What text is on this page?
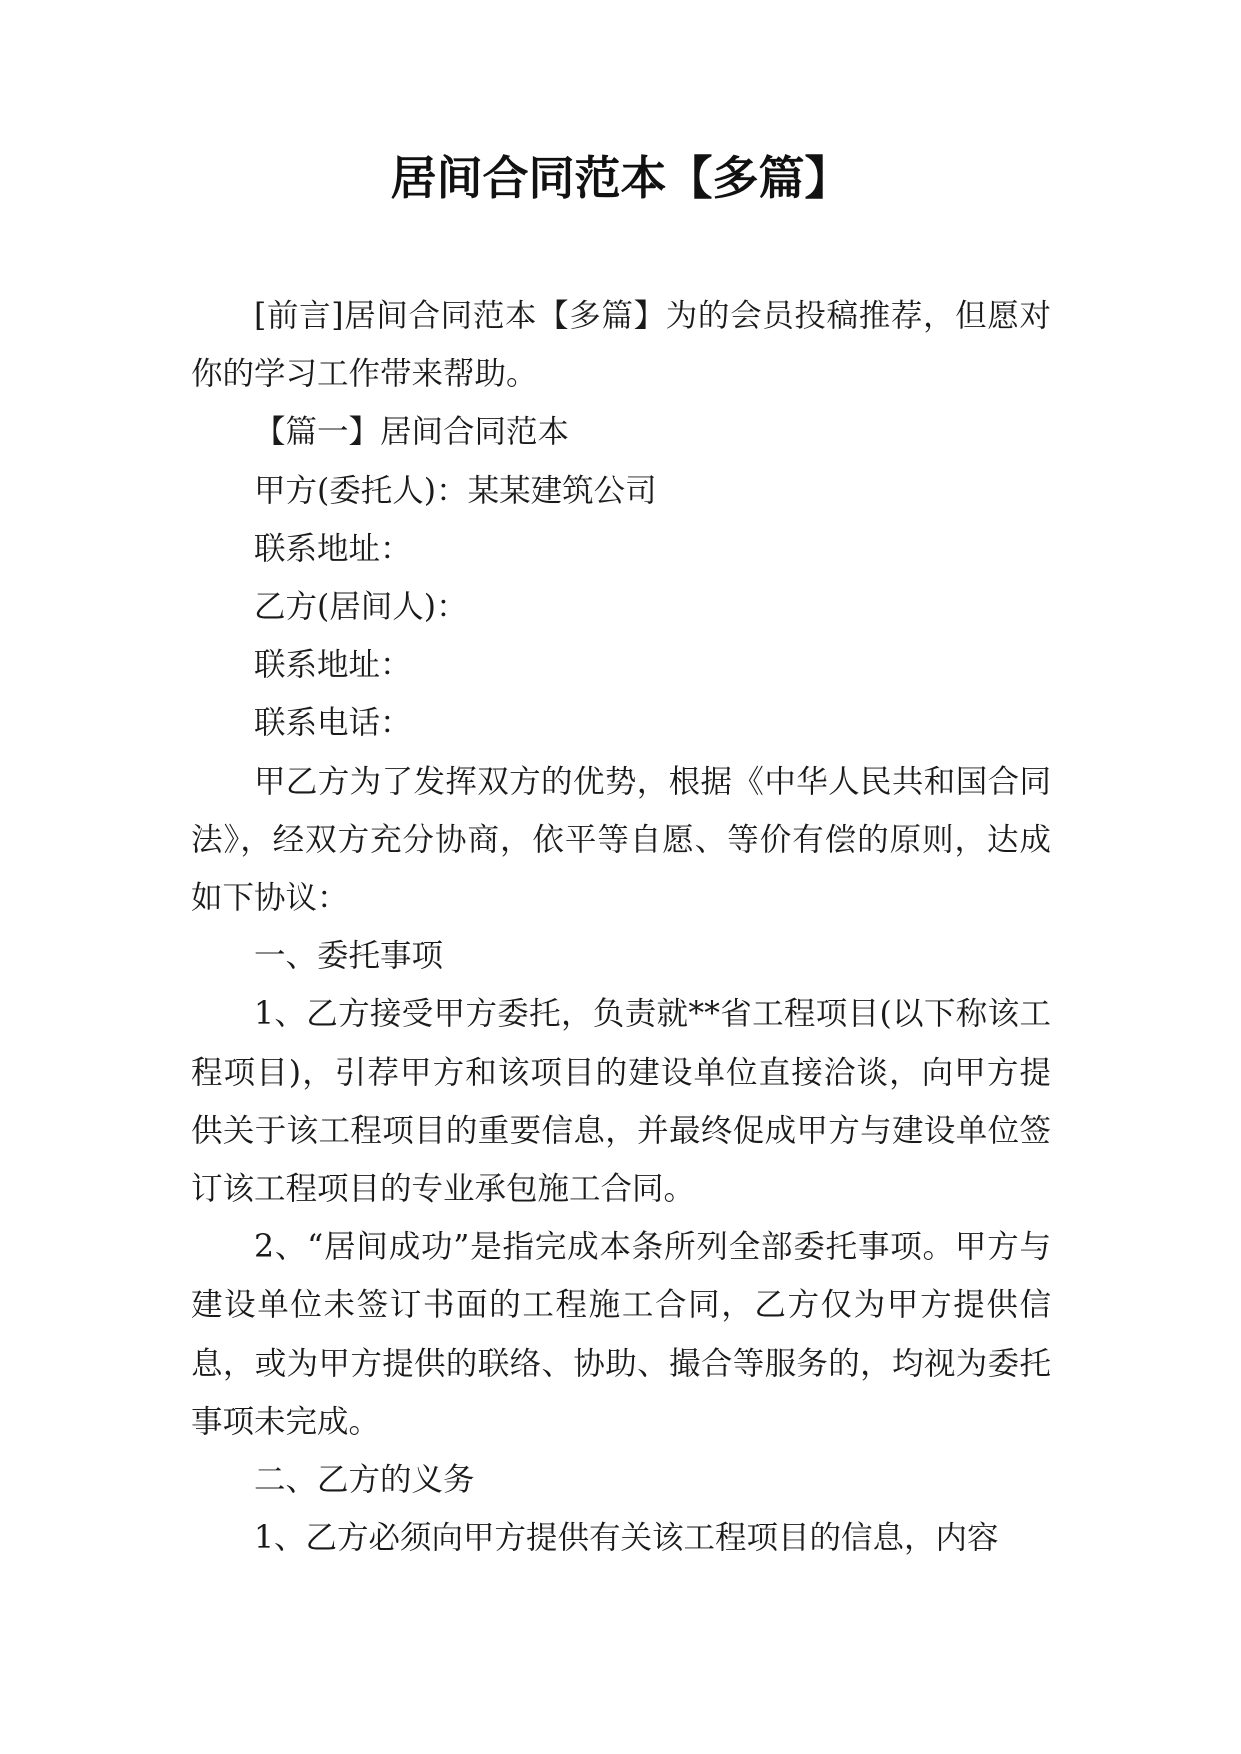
居间合同范本【多篇】

[前言]居间合同范本【多篇】为的会员投稿推荐，但愿对你的学习工作带来帮助。

【篇一】居间合同范本

甲方(委托人)：某某建筑公司

联系地址：

乙方(居间人)：

联系地址：

联系电话：

甲乙方为了发挥双方的优势，根据《中华人民共和国合同法》，经双方充分协商，依平等自愿、等价有偿的原则，达成如下协议：

一、委托事项

1、乙方接受甲方委托，负责就**省工程项目(以下称该工程项目)，引荐甲方和该项目的建设单位直接洽谈，向甲方提供关于该工程项目的重要信息，并最终促成甲方与建设单位签订该工程项目的专业承包施工合同。

2、“居间成功”是指完成本条所列全部委托事项。甲方与建设单位未签订书面的工程施工合同，乙方仅为甲方提供信息，或为甲方提供的联络、协助、撮合等服务的，均视为委托事项未完成。

二、乙方的义务

1、乙方必须向甲方提供有关该工程项目的信息，内容
